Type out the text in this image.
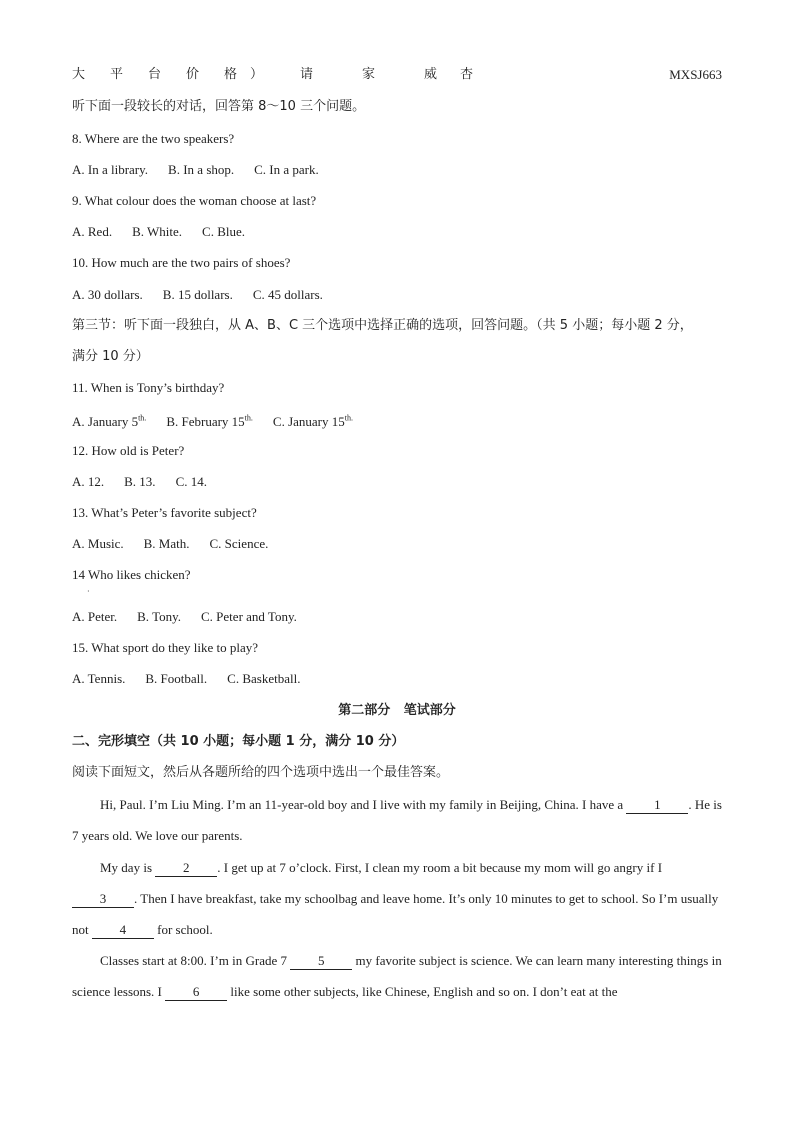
大 平 台 价 格 ）	请	家	威 杏	MXSJ663
听下面一段较长的对话，回答第 8～10 三个问题。
8. Where are the two speakers?
A. In a library. B. In a shop. C. In a park.
9. What colour does the woman choose at last?
A. Red. B. White. C. Blue.
10. How much are the two pairs of shoes?
A. 30 dollars. B. 15 dollars. C. 45 dollars.
第三节：听下面一段独白，从 A、B、C 三个选项中选择正确的选项，回答问题。（共 5 小题；每小题 2 分，
满分 10 分）
11. When is Tony’s birthday?
A. January $5^{th.}$ B. February $15^{th.}$ C. January $15^{th.}$
12. How old is Peter?
A. 12. B. 13. C. 14.
13. What’s Peter’s favorite subject?
A. Music. B. Math. C. Science.
14 Who likes chicken?
·
A. Peter. B. Tony. C. Peter and Tony.
15. What sport do they like to play?
A. Tennis. B. Football. C. Basketball.
第二部分   笔试部分
二、完形填空（共 10 小题；每小题 1 分，满分 10 分）
阅读下面短文，然后从各题所给的四个选项中选出一个最佳答案。
Hi, Paul. I’m Liu Ming. I’m an 11-year-old boy and I live with my family in Beijing, China. I have a 1 . He is 7 years old. We love our parents.
My day is 2 . I get up at 7 o’clock. First, I clean my room a bit because my mom will go angry if I 3 . Then I have breakfast, take my schoolbag and leave home. It’s only 10 minutes to get to school. So I’m usually not 4 for school.
Classes start at 8:00. I’m in Grade 7 5 my favorite subject is science. We can learn many interesting things in science lessons. I 6 like some other subjects, like Chinese, English and so on. I don’t eat at the
